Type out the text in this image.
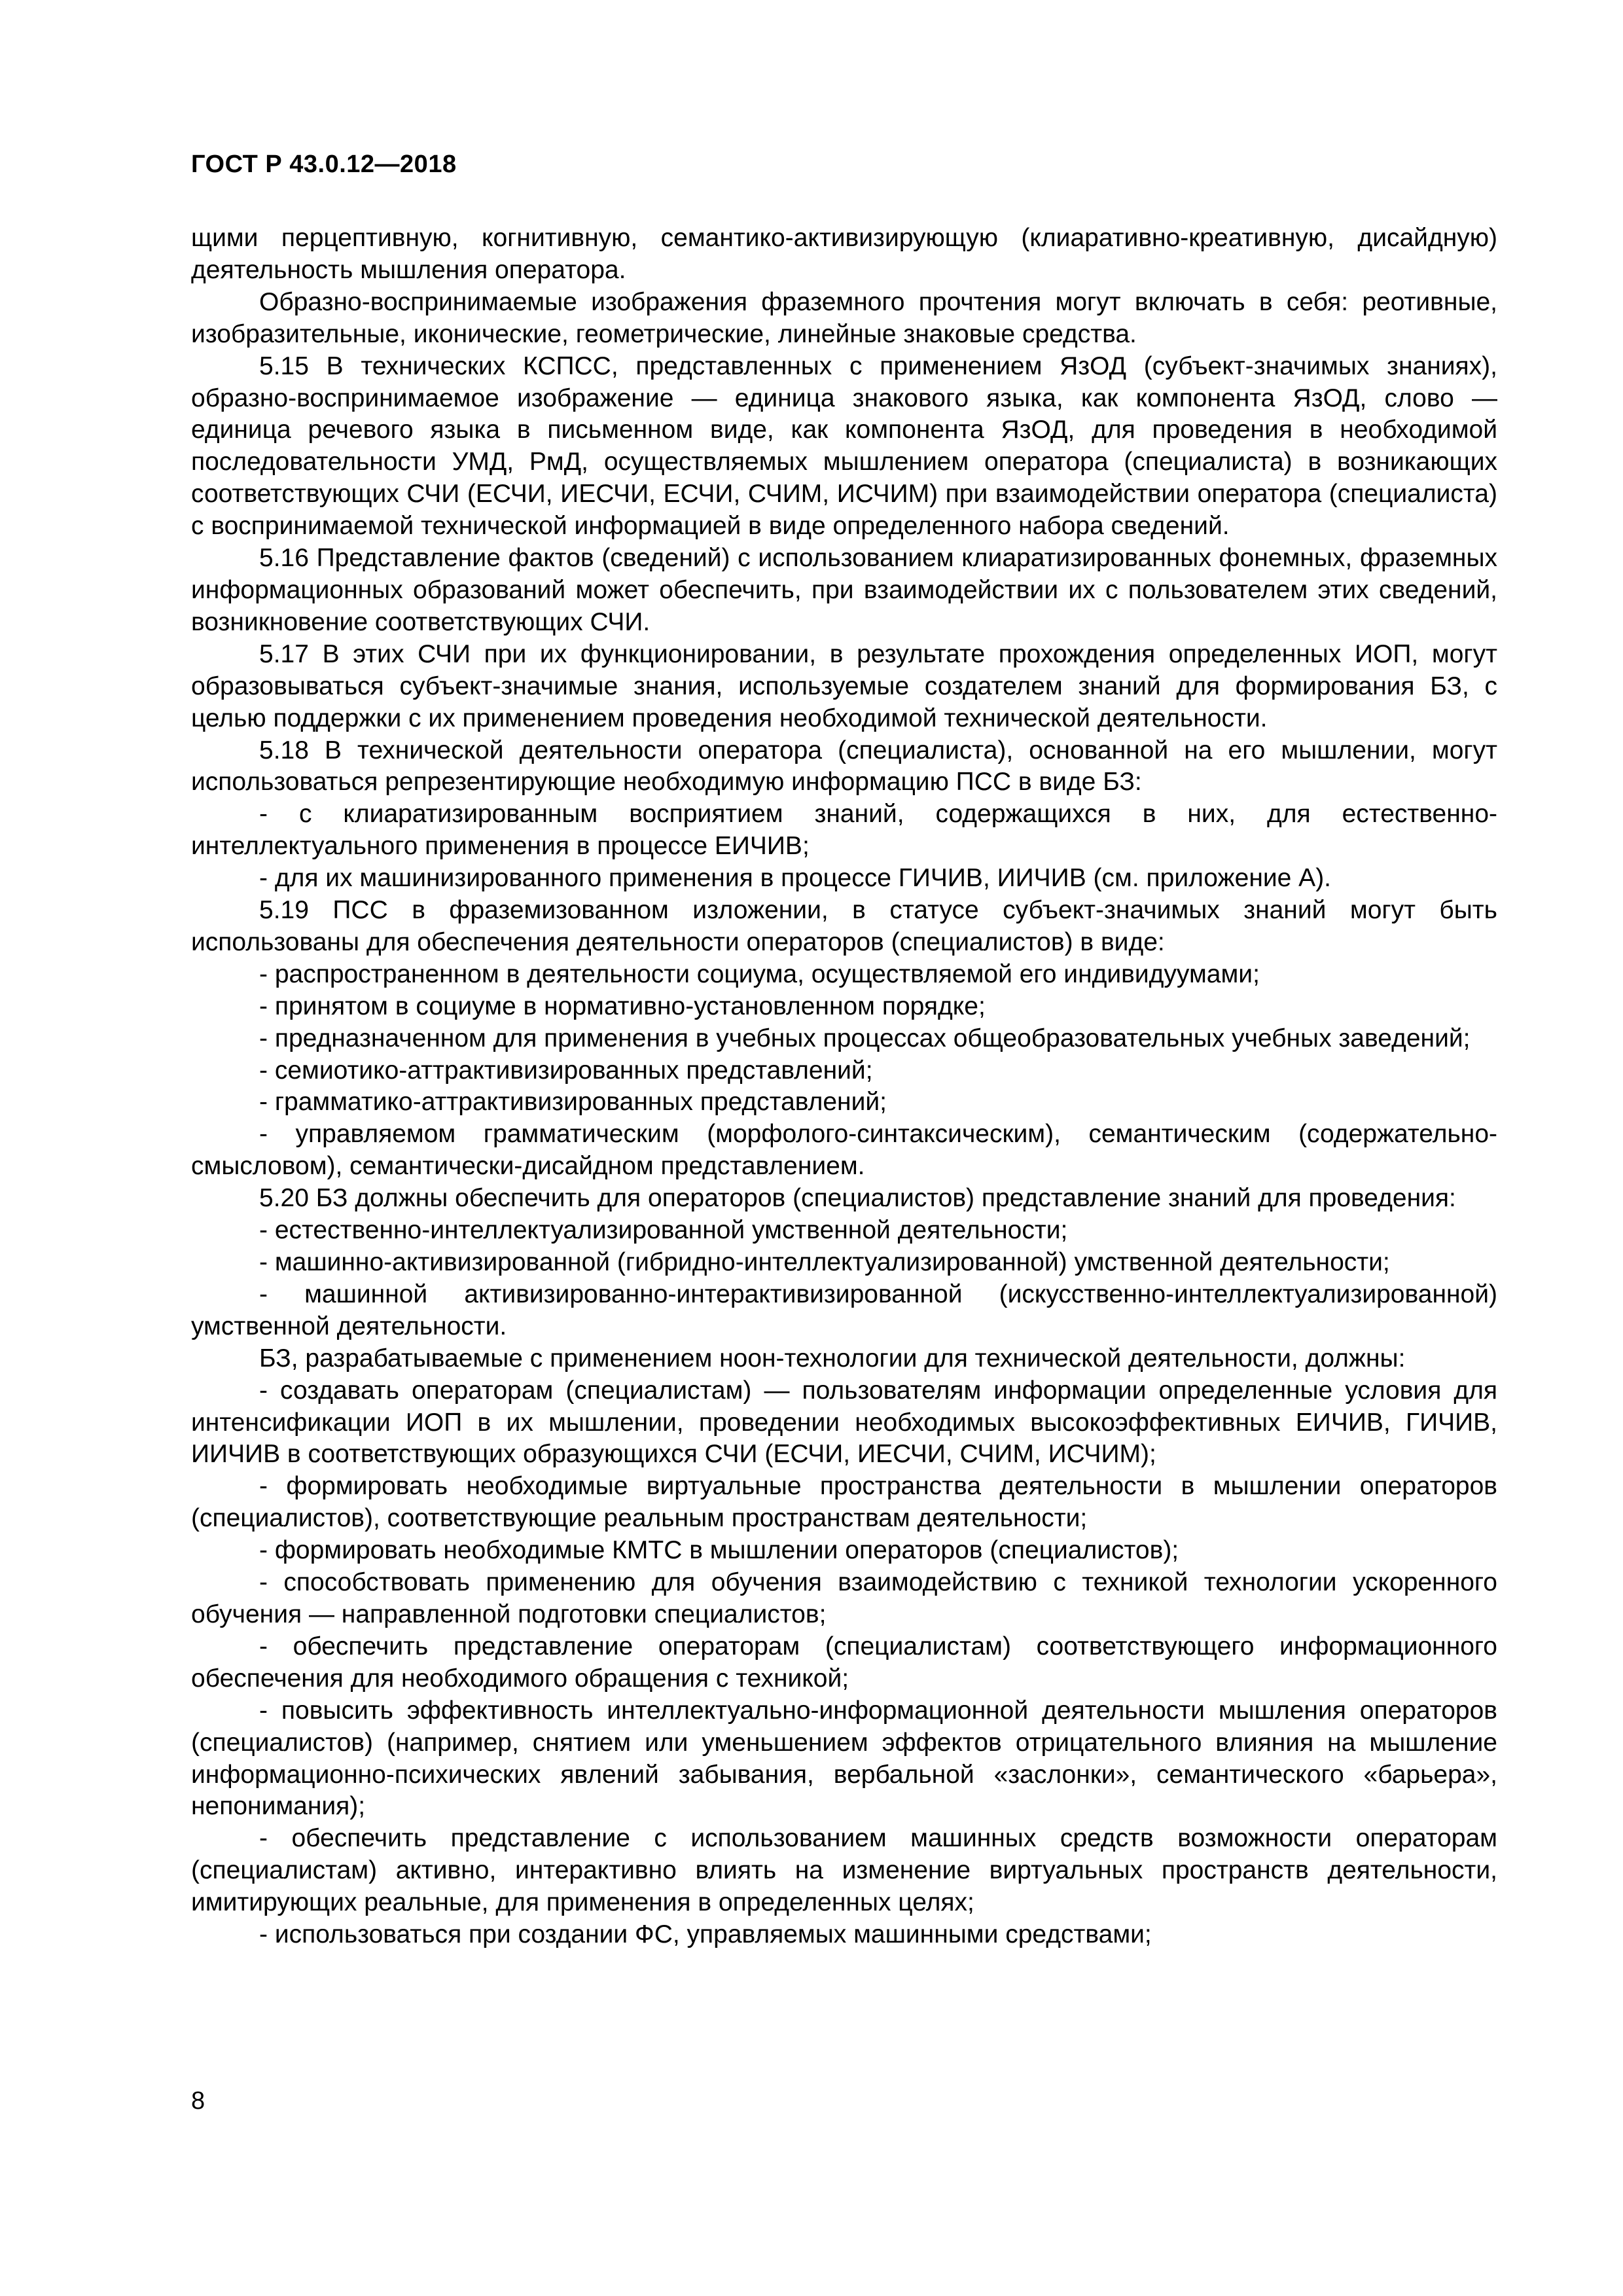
ГОСТ Р 43.0.12—2018

щими перцептивную, когнитивную, семантико-активизирующую (клиаративно-креативную, дисайдную) деятельность мышления оператора.

Образно-воспринимаемые изображения фраземного прочтения могут включать в себя: реотивные, изобразительные, иконические, геометрические, линейные знаковые средства.

5.15 В технических КСПСС, представленных с применением ЯзОД (субъект-значимых знаниях), образно-воспринимаемое изображение — единица знакового языка, как компонента ЯзОД, слово — единица речевого языка в письменном виде, как компонента ЯзОД, для проведения в необходимой последовательности УМД, РмД, осуществляемых мышлением оператора (специалиста) в возникающих соответствующих СЧИ (ЕСЧИ, ИЕСЧИ, ЕСЧИ, СЧИМ, ИСЧИМ) при взаимодействии оператора (специалиста) с воспринимаемой технической информацией в виде определенного набора сведений.

5.16 Представление фактов (сведений) с использованием клиаратизированных фонемных, фраземных информационных образований может обеспечить, при взаимодействии их с пользователем этих сведений, возникновение соответствующих СЧИ.

5.17 В этих СЧИ при их функционировании, в результате прохождения определенных ИОП, могут образовываться субъект-значимые знания, используемые создателем знаний для формирования БЗ, с целью поддержки с их применением проведения необходимой технической деятельности.

5.18 В технической деятельности оператора (специалиста), основанной на его мышлении, могут использоваться репрезентирующие необходимую информацию ПСС в виде БЗ:

- с клиаратизированным восприятием знаний, содержащихся в них, для естественно-интеллектуального применения в процессе ЕИЧИВ;

- для их машинизированного применения в процессе ГИЧИВ, ИИЧИВ (см. приложение А).

5.19 ПСС в фраземизованном изложении, в статусе субъект-значимых знаний могут быть использованы для обеспечения деятельности операторов (специалистов) в виде:

- распространенном в деятельности социума, осуществляемой его индивидуумами;

- принятом в социуме в нормативно-установленном порядке;

- предназначенном для применения в учебных процессах общеобразовательных учебных заведений;

- семиотико-аттрактивизированных представлений;

- грамматико-аттрактивизированных представлений;

- управляемом грамматическим (морфолого-синтаксическим), семантическим (содержательно-смысловом), семантически-дисайдном представлением.

5.20 БЗ должны обеспечить для операторов (специалистов) представление знаний для проведения:

- естественно-интеллектуализированной умственной деятельности;

- машинно-активизированной (гибридно-интеллектуализированной) умственной деятельности;

- машинной активизированно-интерактивизированной (искусственно-интеллектуализированной) умственной деятельности.

БЗ, разрабатываемые с применением ноон-технологии для технической деятельности, должны:

- создавать операторам (специалистам) — пользователям информации определенные условия для интенсификации ИОП в их мышлении, проведении необходимых высокоэффективных ЕИЧИВ, ГИЧИВ, ИИЧИВ в соответствующих образующихся СЧИ (ЕСЧИ, ИЕСЧИ, СЧИМ, ИСЧИМ);

- формировать необходимые виртуальные пространства деятельности в мышлении операторов (специалистов), соответствующие реальным пространствам деятельности;

- формировать необходимые КМТС в мышлении операторов (специалистов);

- способствовать применению для обучения взаимодействию с техникой технологии ускоренного обучения — направленной подготовки специалистов;

- обеспечить представление операторам (специалистам) соответствующего информационного обеспечения для необходимого обращения с техникой;

- повысить эффективность интеллектуально-информационной деятельности мышления операторов (специалистов) (например, снятием или уменьшением эффектов отрицательного влияния на мышление информационно-психических явлений забывания, вербальной «заслонки», семантического «барьера», непонимания);

- обеспечить представление с использованием машинных средств возможности операторам (специалистам) активно, интерактивно влиять на изменение виртуальных пространств деятельности, имитирующих реальные, для применения в определенных целях;

- использоваться при создании ФС, управляемых машинными средствами;

8
